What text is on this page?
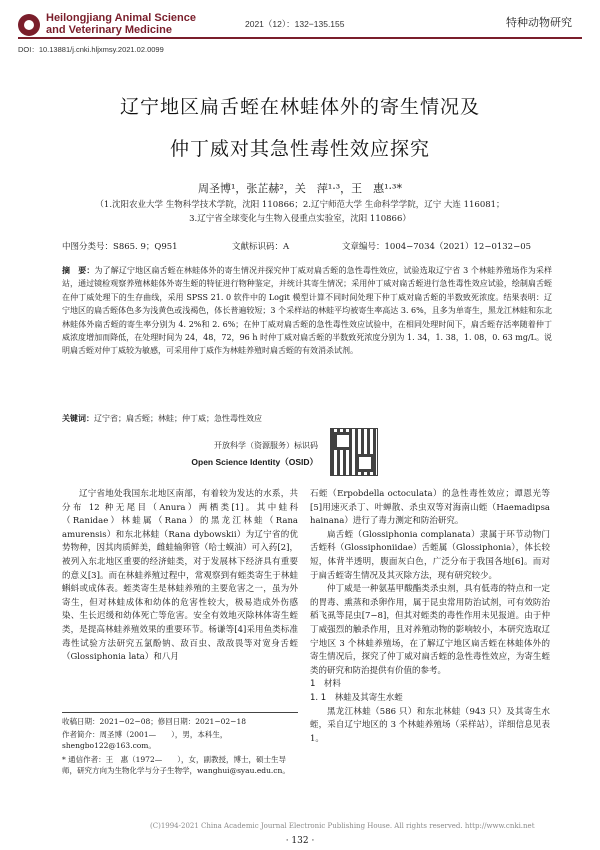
Heilongjiang Animal Science
and Veterinary Medicine	2021（12）：132−135.155	特种动物研究
DOI：10.13881/j.cnki.hljxmsy.2021.02.0099
辽宁地区扁舌蛭在林蛙体外的寄生情况及
仲丁威对其急性毒性效应探究
周圣博¹，张芷赫²，关　萍¹·³，王　惠¹·³*
（1.沈阳农业大学 生物科学技术学院，沈阳 110866；2.辽宁师范大学 生命科学学院，辽宁 大连 116081；
3.辽宁省全球变化与生物入侵重点实验室，沈阳 110866）
中图分类号：S865. 9；Q951	文献标识码：A	文章编号：1004−7034（2021）12−0132−05
摘　要：为了解辽宁地区扁舌蛭在林蛙体外的寄生情况并探究仲丁威对扁舌蛭的急性毒性效应，试验选取辽宁省 3 个林蛙养殖场作为采样站，通过镜检观察养殖林蛙体外寄生蛭的特征进行物种鉴定，并统计其寄生情况；采用仲丁威对扁舌蛭进行急性毒性效应试验，绘制扁舌蛭在仲丁威处理下的生存曲线，采用 SPSS 21. 0 软件中的 Logit 模型计算不同时间处理下仲丁威对扁舌蛭的半数致死浓度。结果表明：辽宁地区的扁舌蛭体色多为浅黄色或浅褐色，体长普遍较短；3 个采样站的林蛙平均被寄生率高达 3. 6%，且多为单寄生，黑龙江林蛙和东北林蛙体外扁舌蛭的寄生率分别为 4. 2%和 2. 6%；在仲丁威对扁舌蛭的急性毒性效应试验中，在相同处理时间下，扁舌蛭存活率随着仲丁威浓度增加而降低，在处理时间为 24，48，72，96 h 时仲丁威对扁舌蛭的半数致死浓度分别为 1. 34，1. 38，1. 08，0. 63 mg/L。说明扁舌蛭对仲丁威较为敏感，可采用仲丁威作为林蛙养殖时扁舌蛭的有效消杀试剂。
关键词：辽宁省；扁舌蛭；林蛙；仲丁威；急性毒性效应
开放科学（资源服务）标识码
Open Science Identity（OSID）
辽宁省地处我国东北地区南部，有着较为发达的水系，共分布 12 种无尾目（Anura）两栖类[1]。其中蛙科（Ranidae）林蛙属（Rana）的黑龙江林蛙（Rana amurensis）和东北林蛙（Rana dybowskii）为辽宁省的优势物种，因其肉质鲜美，雌蛙输卵管（哈士蟆油）可入药[2]，被列入东北地区重要的经济蛙类，对于发展林下经济具有重要的意义[3]。而在林蛙养殖过程中，常观察到有蛭类寄生于林蛙蝌蚪或成体表。蛭类寄生是林蛙养殖的主要危害之一，虽为外寄生，但对林蛙成体和幼体的危害性较大，极易造成外伤感染、生长迟缓和幼体死亡等危害。安全有效地灭除林体寄生蛭类，是提高林蛙养殖效果的重要环节。杨谦等[4]采用鱼类标准毒性试验方法研究五氯酚钠、敌百虫、敌敌畏等对宽身舌蛭（Glossiphonia lata）和八月
收稿日期：2021−02−08；修回日期：2021−02−18
作者简介：周圣博（2001—　　），男，本科生，shengbo122@163.com。
* 通信作者：王　惠（1972—　　），女，副教授，博士，硕士生导师，研究方向为生物化学与分子生物学，wanghui@syau.edu.cn。
石蛭（Erpobdella octoculata）的急性毒性效应；谭恩光等[5]用速灭杀丁、叶蝉散、杀虫双等对海南山蛭（Haemadipsa hainana）进行了毒力测定和防治研究。
扁舌蛭（Glossiphonia complanata）隶属于环节动物门舌蛭科（Glossiphoniidae）舌蛭属（Glossiphonia），体长较短，体背半透明，腹面灰白色，广泛分布于我国各地[6]。而对于扁舌蛭寄生情况及其灭除方法，现有研究较少。
仲丁威是一种氨基甲酸酯类杀虫剂，具有低毒的特点和一定的胃毒、熏蒸和杀卵作用，属于昆虫常用防治试剂，可有效防治稻飞虱等昆虫[7−8]，但其对蛭类的毒性作用未见报道。由于仲丁威强烈的触杀作用，且对养殖动物的影响较小，本研究选取辽宁地区 3 个林蛙养殖场，在了解辽宁地区扁舌蛭在林蛙体外的寄生情况后，探究了仲丁威对扁舌蛭的急性毒性效应，为寄生蛭类的研究和防治提供有价值的参考。
1　材料
1. 1　林蛙及其寄生水蛭
黑龙江林蛙（586 只）和东北林蛙（943 只）及其寄生水蛭，采自辽宁地区的 3 个林蛙养殖场（采样站），详细信息见表 1。
(C)1994-2021 China Academic Journal Electronic Publishing House. All rights reserved. http://www.cnki.net
· 132 ·
